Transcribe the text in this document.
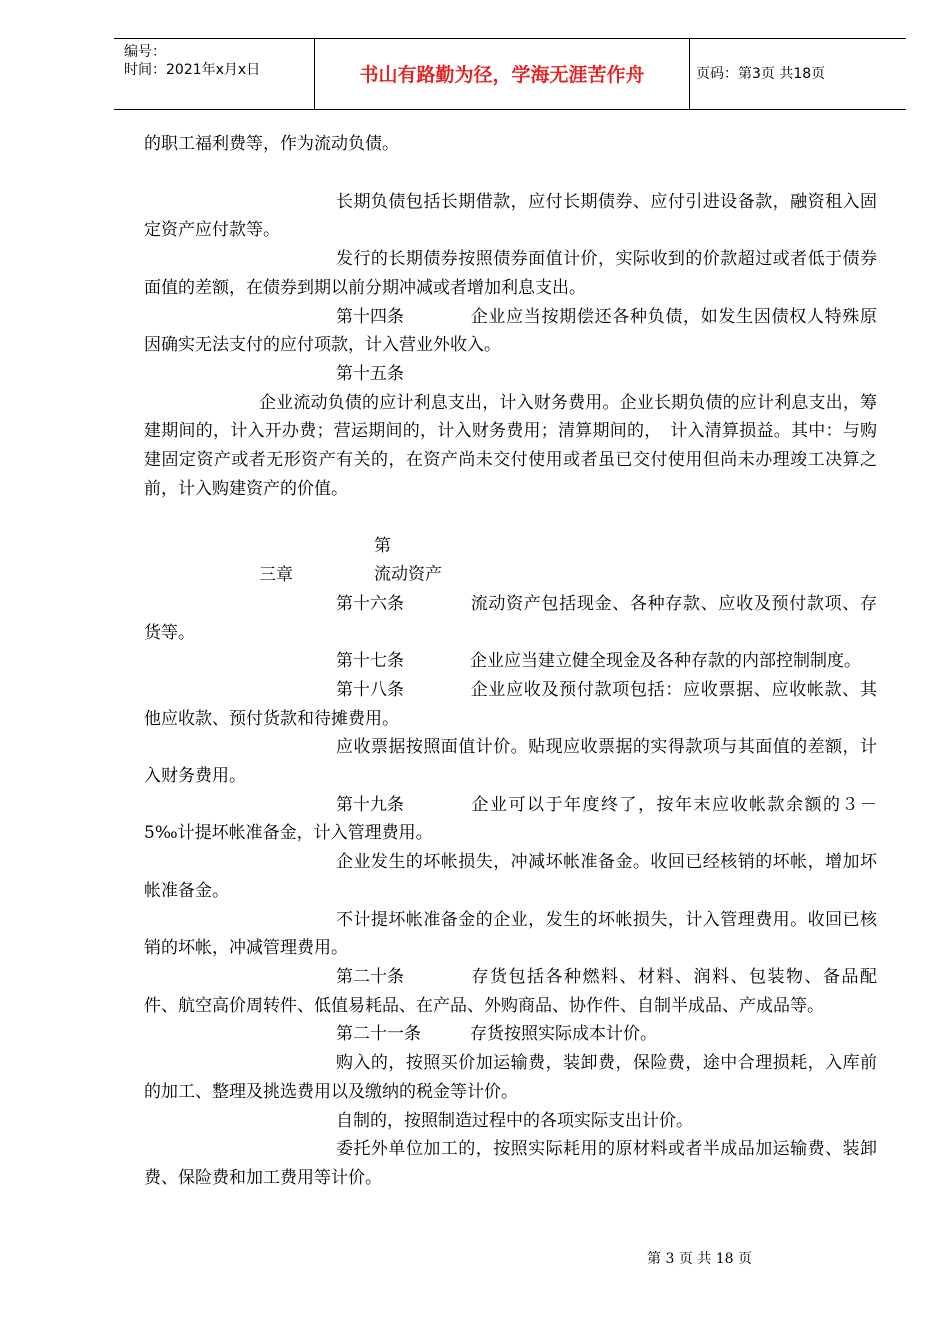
编号：
时间：2021年x月x日	书山有路勤为径，学海无涯苦作舟	页码：第3页 共18页

的职工福利费等，作为流动负债。

长期负债包括长期借款，应付长期债券、应付引进设备款，融资租入固定资产应付款等。

发行的长期债券按照债券面值计价，实际收到的价款超过或者低于债券面值的差额，在债券到期以前分期冲减或者增加利息支出。

第十四条	企业应当按期偿还各种负债，如发生因债权人特殊原因确实无法支付的应付项款，计入营业外收入。

第十五条

企业流动负债的应计利息支出，计入财务费用。企业长期负债的应计利息支出，筹建期间的，计入开办费；营运期间的，计入财务费用；清算期间的，　计入清算损益。其中：与购建固定资产或者无形资产有关的，在资产尚未交付使用或者虽已交付使用但尚未办理竣工决算之前，计入购建资产的价值。

第三章	流动资产

第十六条	流动资产包括现金、各种存款、应收及预付款项、存货等。

第十七条	企业应当建立健全现金及各种存款的内部控制制度。

第十八条	企业应收及预付款项包括：应收票据、应收帐款、其他应收款、预付货款和待摊费用。

应收票据按照面值计价。贴现应收票据的实得款项与其面值的差额，计入财务费用。

第十九条	企业可以于年度终了，按年末应收帐款余额的３－5‰计提坏帐准备金，计入管理费用。

企业发生的坏帐损失，冲减坏帐准备金。收回已经核销的坏帐，增加坏帐准备金。

不计提坏帐准备金的企业，发生的坏帐损失，计入管理费用。收回已核销的坏帐，冲减管理费用。

第二十条	存货包括各种燃料、材料、润料、包装物、备品配件、航空高价周转件、低值易耗品、在产品、外购商品、协作件、自制半成品、产成品等。

第二十一条	存货按照实际成本计价。

购入的，按照买价加运输费，装卸费，保险费，途中合理损耗，入库前的加工、整理及挑选费用以及缴纳的税金等计价。

自制的，按照制造过程中的各项实际支出计价。

委托外单位加工的，按照实际耗用的原材料或者半成品加运输费、装卸费、保险费和加工费用等计价。

第 3 页 共 18 页
